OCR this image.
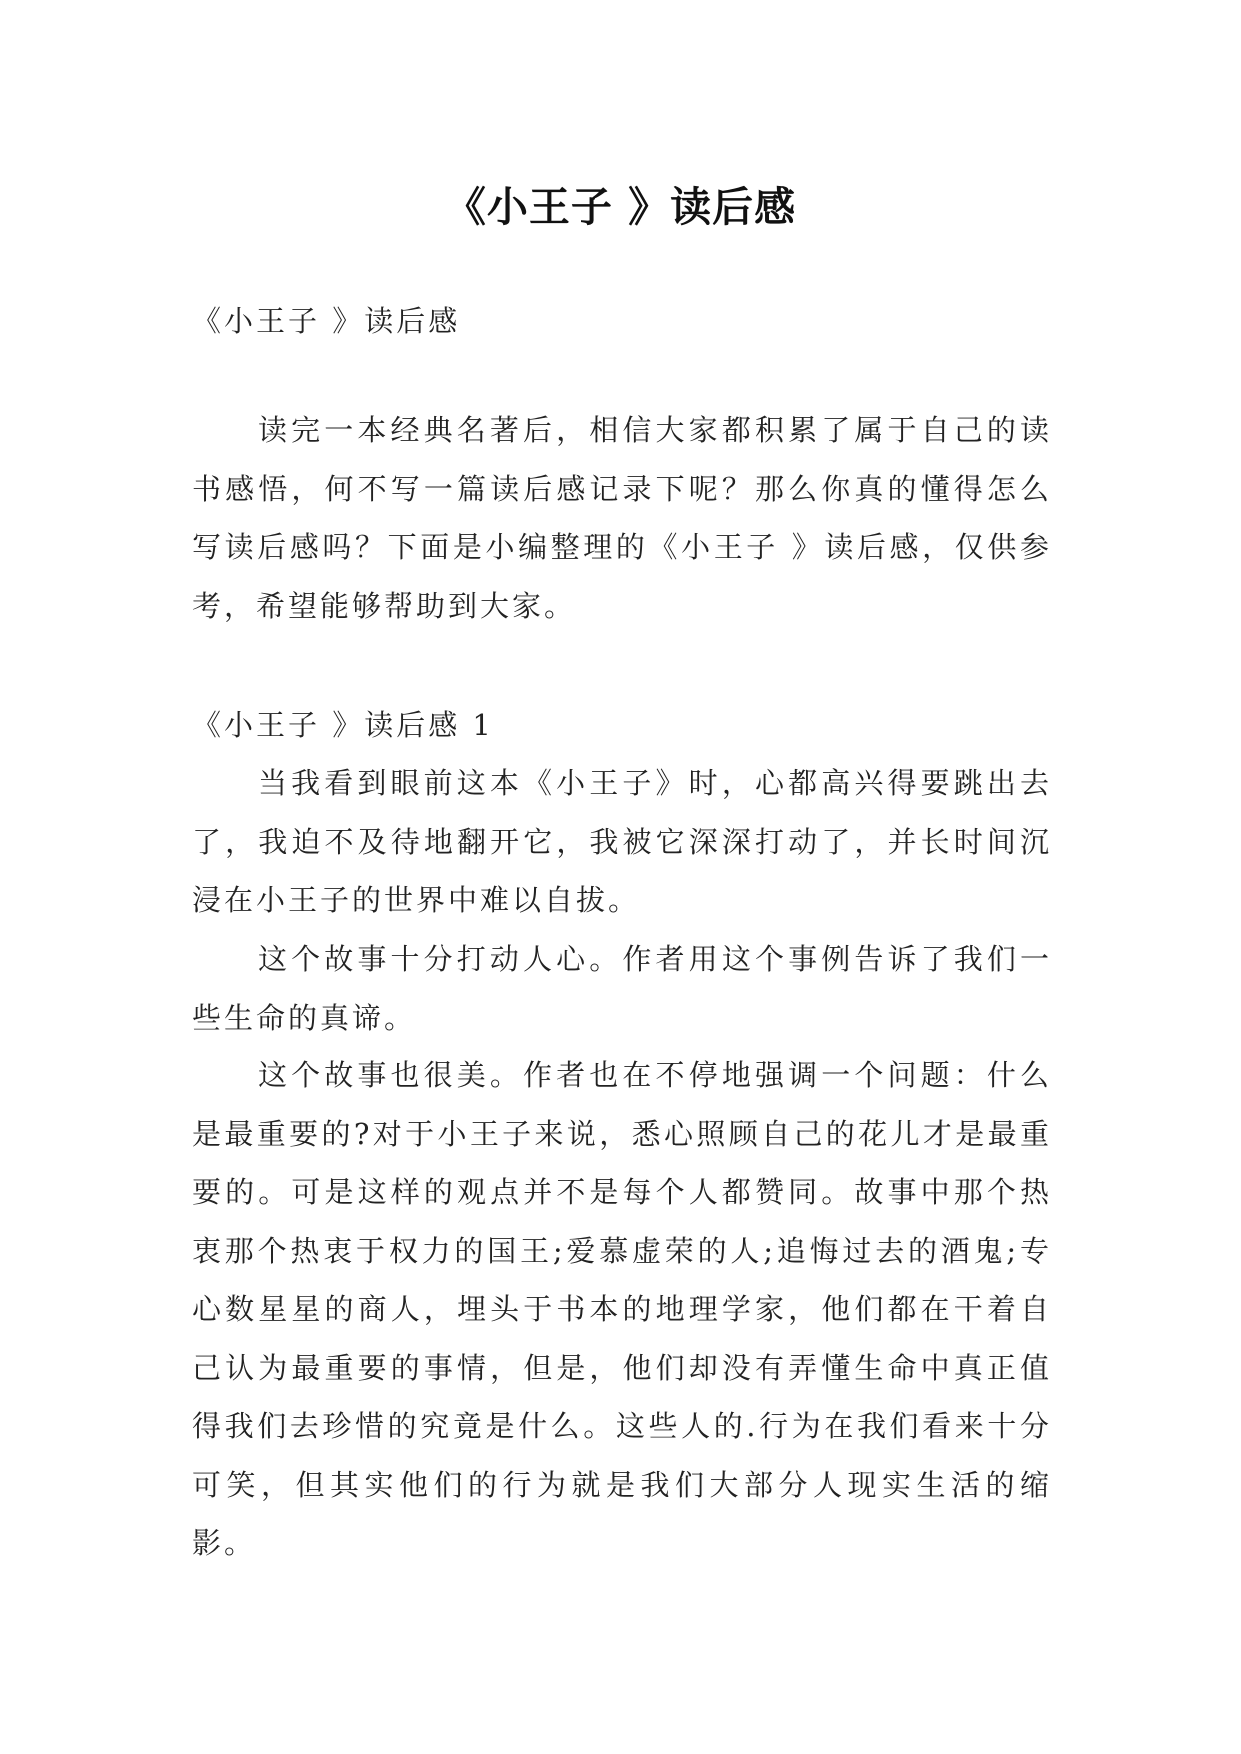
《小王子 》读后感

《小王子 》读后感

读完一本经典名著后，相信大家都积累了属于自己的读书感悟，何不写一篇读后感记录下呢？那么你真的懂得怎么写读后感吗？下面是小编整理的《小王子 》读后感，仅供参考，希望能够帮助到大家。

《小王子 》读后感 1

当我看到眼前这本《小王子》时，心都高兴得要跳出去了，我迫不及待地翻开它，我被它深深打动了，并长时间沉浸在小王子的世界中难以自拔。

这个故事十分打动人心。作者用这个事例告诉了我们一些生命的真谛。

这个故事也很美。作者也在不停地强调一个问题：什么是最重要的?对于小王子来说，悉心照顾自己的花儿才是最重要的。可是这样的观点并不是每个人都赞同。故事中那个热衷那个热衷于权力的国王;爱慕虚荣的人;追悔过去的酒鬼;专心数星星的商人，埋头于书本的地理学家，他们都在干着自己认为最重要的事情，但是，他们却没有弄懂生命中真正值得我们去珍惜的究竟是什么。这些人的.行为在我们看来十分可笑，但其实他们的行为就是我们大部分人现实生活的缩影。
